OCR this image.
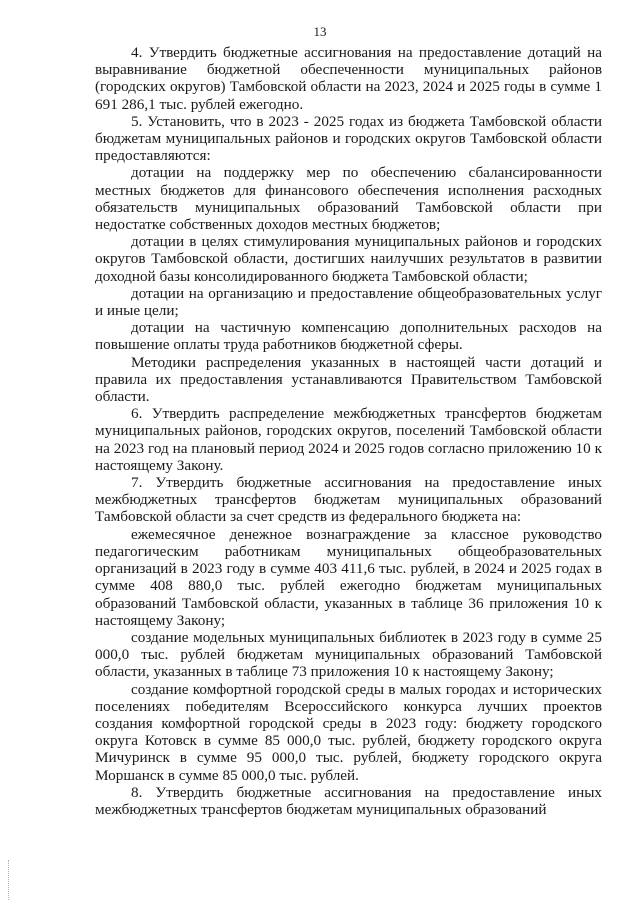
13

4. Утвердить бюджетные ассигнования на предоставление дотаций на выравнивание бюджетной обеспеченности муниципальных районов (городских округов) Тамбовской области на 2023, 2024 и 2025 годы в сумме 1 691 286,1 тыс. рублей ежегодно.

5. Установить, что в 2023 - 2025 годах из бюджета Тамбовской области бюджетам муниципальных районов и городских округов Тамбовской области предоставляются:

дотации на поддержку мер по обеспечению сбалансированности местных бюджетов для финансового обеспечения исполнения расходных обязательств муниципальных образований Тамбовской области при недостатке собственных доходов местных бюджетов;

дотации в целях стимулирования муниципальных районов и городских округов Тамбовской области, достигших наилучших результатов в развитии доходной базы консолидированного бюджета Тамбовской области;

дотации на организацию и предоставление общеобразовательных услуг и иные цели;

дотации на частичную компенсацию дополнительных расходов на повышение оплаты труда работников бюджетной сферы.

Методики распределения указанных в настоящей части дотаций и правила их предоставления устанавливаются Правительством Тамбовской области.

6. Утвердить распределение межбюджетных трансфертов бюджетам муниципальных районов, городских округов, поселений Тамбовской области на 2023 год на плановый период 2024 и 2025 годов согласно приложению 10 к настоящему Закону.

7. Утвердить бюджетные ассигнования на предоставление иных межбюджетных трансфертов бюджетам муниципальных образований Тамбовской области за счет средств из федерального бюджета на:

ежемесячное денежное вознаграждение за классное руководство педагогическим работникам муниципальных общеобразовательных организаций в 2023 году в сумме 403 411,6 тыс. рублей, в 2024 и 2025 годах в сумме 408 880,0 тыс. рублей ежегодно бюджетам муниципальных образований Тамбовской области, указанных в таблице 36 приложения 10 к настоящему Закону;

создание модельных муниципальных библиотек в 2023 году в сумме 25 000,0 тыс. рублей бюджетам муниципальных образований Тамбовской области, указанных в таблице 73 приложения 10 к настоящему Закону;

создание комфортной городской среды в малых городах и исторических поселениях победителям Всероссийского конкурса лучших проектов создания комфортной городской среды в 2023 году: бюджету городского округа Котовск в сумме 85 000,0 тыс. рублей, бюджету городского округа Мичуринск в сумме 95 000,0 тыс. рублей, бюджету городского округа Моршанск в сумме 85 000,0 тыс. рублей.

8. Утвердить бюджетные ассигнования на предоставление иных межбюджетных трансфертов бюджетам муниципальных образований
